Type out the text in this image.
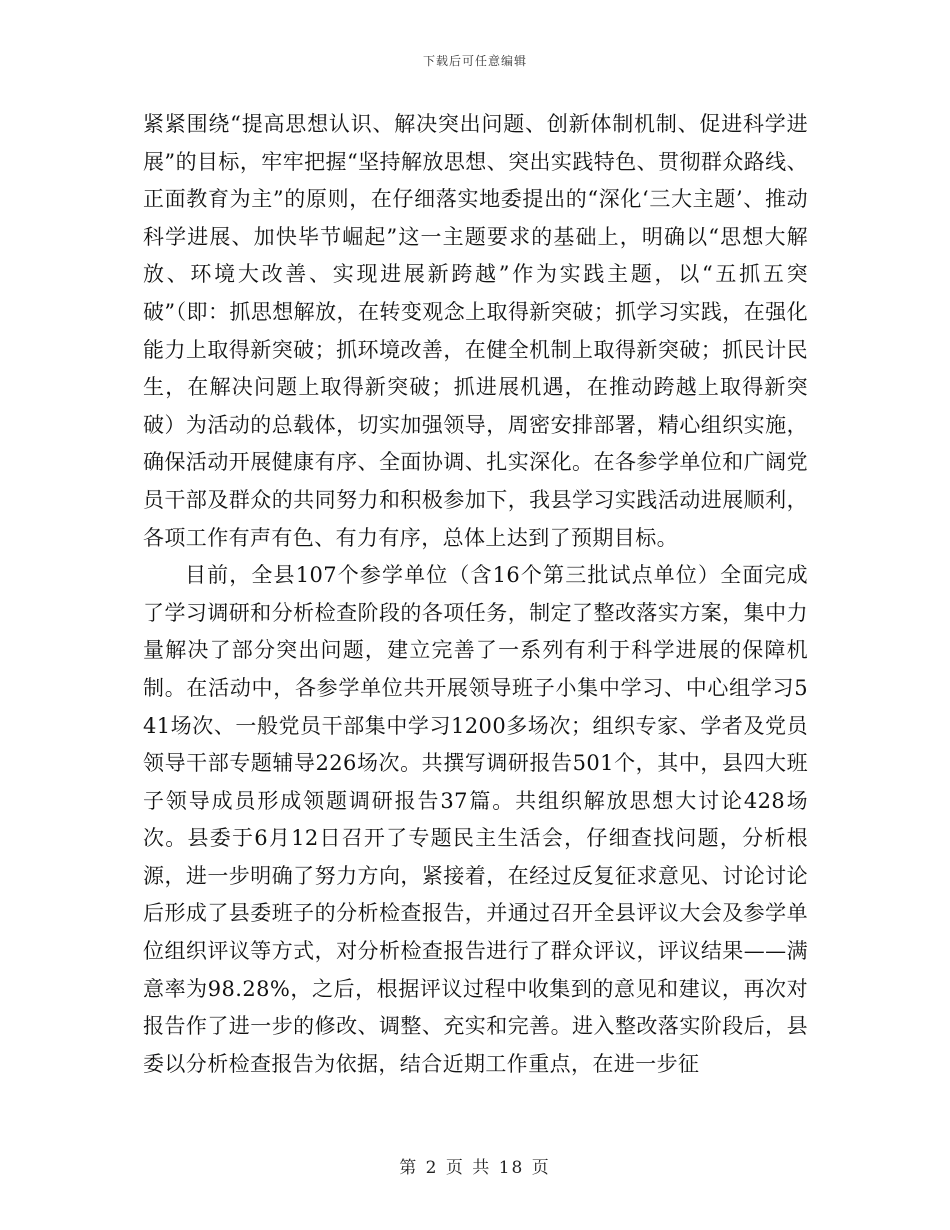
下载后可任意编辑

紧紧围绕“提高思想认识、解决突出问题、创新体制机制、促进科学进展”的目标，牢牢把握“坚持解放思想、突出实践特色、贯彻群众路线、正面教育为主”的原则，在仔细落实地委提出的“深化‘三大主题’、推动科学进展、加快毕节崛起”这一主题要求的基础上，明确以“思想大解放、环境大改善、实现进展新跨越”作为实践主题，以“五抓五突破”（即：抓思想解放，在转变观念上取得新突破；抓学习实践，在强化能力上取得新突破；抓环境改善，在健全机制上取得新突破；抓民计民生，在解决问题上取得新突破；抓进展机遇，在推动跨越上取得新突破）为活动的总载体，切实加强领导，周密安排部署，精心组织实施，确保活动开展健康有序、全面协调、扎实深化。在各参学单位和广阔党员干部及群众的共同努力和积极参加下，我县学习实践活动进展顺利，各项工作有声有色、有力有序，总体上达到了预期目标。

目前，全县107个参学单位（含16个第三批试点单位）全面完成了学习调研和分析检查阶段的各项任务，制定了整改落实方案，集中力量解决了部分突出问题，建立完善了一系列有利于科学进展的保障机制。在活动中，各参学单位共开展领导班子小集中学习、中心组学习541场次、一般党员干部集中学习1200多场次；组织专家、学者及党员领导干部专题辅导226场次。共撰写调研报告501个，其中，县四大班子领导成员形成领题调研报告37篇。共组织解放思想大讨论428场次。县委于6月12日召开了专题民主生活会，仔细查找问题，分析根源，进一步明确了努力方向，紧接着，在经过反复征求意见、讨论讨论后形成了县委班子的分析检查报告，并通过召开全县评议大会及参学单位组织评议等方式，对分析检查报告进行了群众评议，评议结果——满意率为98.28%，之后，根据评议过程中收集到的意见和建议，再次对报告作了进一步的修改、调整、充实和完善。进入整改落实阶段后，县委以分析检查报告为依据，结合近期工作重点，在进一步征

第 2 页 共 18 页
